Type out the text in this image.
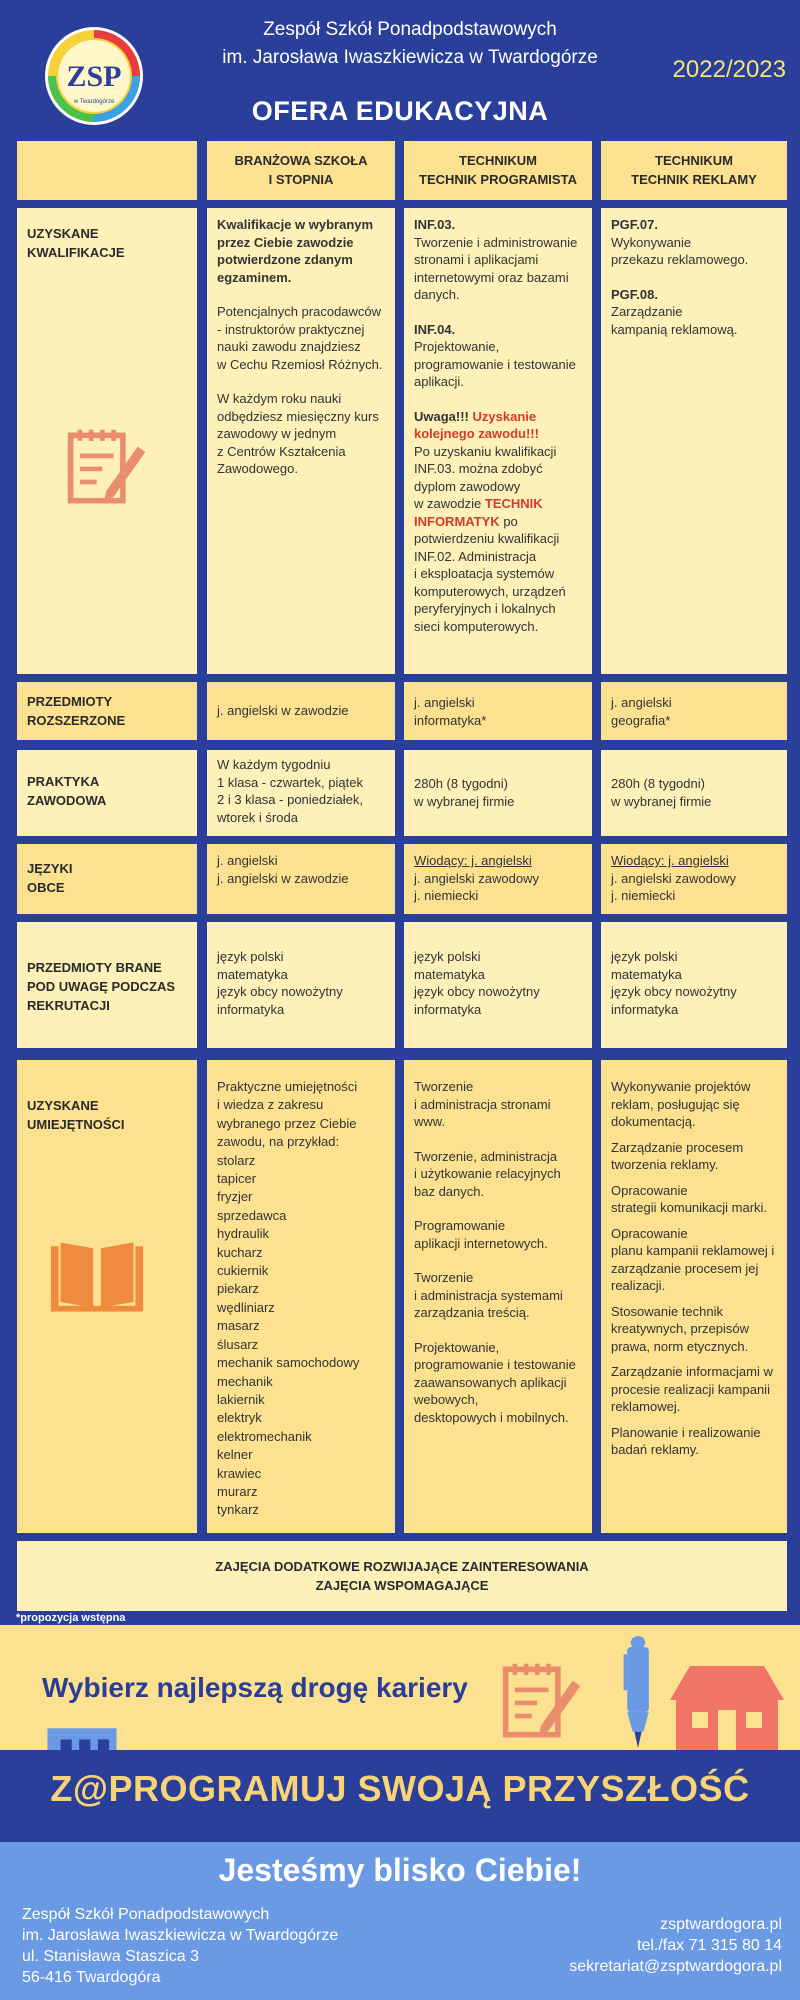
ZSP
w Twardogórze
Zespół Szkół Ponadpodstawowych
im. Jarosława Iwaszkiewicza w Twardogórze	2022/2023
OFERA EDUKACYJNA
BRANŻOWA SZKOŁA
I STOPNIA
TECHNIKUM
TECHNIK PROGRAMISTA
TECHNIKUM
TECHNIK REKLAMY
UZYSKANE
KWALIFIKACJE

Kwalifikacje w wybranym przez Ciebie zawodzie potwierdzone zdanym egzaminem.

Potencjalnych pracodawców - instruktorów praktycznej nauki zawodu znajdziesz
w Cechu Rzemiosł Różnych.

W każdym roku nauki odbędziesz miesięczny kurs zawodowy w jednym
z Centrów Kształcenia Zawodowego.

INF.03.

Tworzenie i administrowanie stronami i aplikacjami internetowymi oraz bazami danych.

INF.04.

Projektowanie, programowanie i testowanie aplikacji.

Uwaga!!! Uzyskanie kolejnego zawodu!!!
Po uzyskaniu kwalifikacji INF.03. można zdobyć dyplom zawodowy
w zawodzie TECHNIK INFORMATYK po potwierdzeniu kwalifikacji INF.02. Administracja
i eksploatacja systemów komputerowych, urządzeń peryferyjnych i lokalnych sieci komputerowych.
PGF.07.

Wykonywanie
przekazu reklamowego.

PGF.08.

Zarządzanie
kampanią reklamową.

PRZEDMIOTY
ROZSZERZONE
j. angielski w zawodzie
j. angielski
informatyka*
j. angielski
geografia*
PRAKTYKA
ZAWODOWA
W każdym tygodniu
1 klasa - czwartek, piątek
2 i 3 klasa - poniedziałek, wtorek i środa
280h (8 tygodni)
w wybranej firmie
280h (8 tygodni)
w wybranej firmie
JĘZYKI
OBCE
j. angielski
j. angielski w zawodzie
Wiodący: j. angielski
j. angielski zawodowy
j. niemiecki
Wiodący: j. angielski
j. angielski zawodowy
j. niemiecki
PRZEDMIOTY BRANE
POD UWAGĘ PODCZAS
REKRUTACJI
język polski
matematyka
język obcy nowożytny
informatyka
język polski
matematyka
język obcy nowożytny
informatyka
język polski
matematyka
język obcy nowożytny
informatyka
UZYSKANE
UMIEJĘTNOŚCI
Praktyczne umiejętności
i wiedza z zakresu wybranego przez Ciebie zawodu, na przykład:
stolarz
tapicer
fryzjer
sprzedawca
hydraulik
kucharz
cukiernik
piekarz
wędliniarz
masarz
ślusarz
mechanik samochodowy
mechanik
lakiernik
elektryk
elektromechanik
kelner
krawiec
murarz
tynkarz

Tworzenie
i administracja stronami www.

Tworzenie, administracja
i użytkowanie relacyjnych baz danych.

Programowanie
aplikacji internetowych.

Tworzenie
i administracja systemami zarządzania treścią.

Projektowanie, programowanie i testowanie zaawansowanych aplikacji webowych,
desktopowych i mobilnych.

Wykonywanie projektów reklam, posługując się dokumentacją.

Zarządzanie procesem tworzenia reklamy.

Opracowanie
strategii komunikacji marki.

Opracowanie
planu kampanii reklamowej i zarządzanie procesem jej realizacji.

Stosowanie technik kreatywnych, przepisów prawa, norm etycznych.

Zarządzanie informacjami w procesie realizacji kampanii reklamowej.

Planowanie i realizowanie badań reklamy.

ZAJĘCIA DODATKOWE ROZWIJAJĄCE ZAINTERESOWANIA
ZAJĘCIA WSPOMAGAJĄCE
*propozycja wstępna
Wybierz najlepszą drogę kariery
Z@PROGRAMUJ SWOJĄ PRZYSZŁOŚĆ
Jesteśmy blisko Ciebie!
Zespół Szkół Ponadpodstawowych
im. Jarosława Iwaszkiewicza w Twardogórze
ul. Stanisława Staszica 3
56-416 Twardogóra
zsptwardogora.pl
tel./fax 71 315 80 14
sekretariat@zsptwardogora.pl
